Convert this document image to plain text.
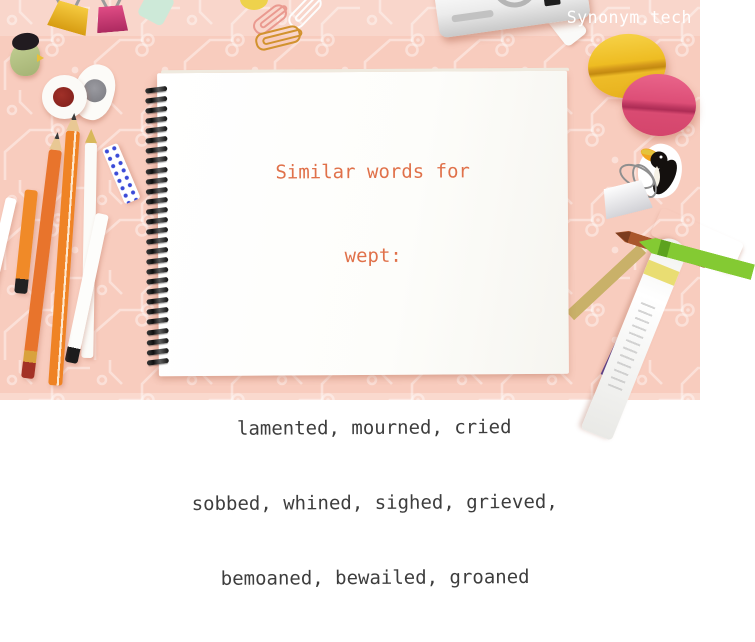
Similar words for

wept:

lamented, mourned, cried

sobbed, whined, sighed, grieved,

bemoaned, bewailed, groaned

Synonym.tech
